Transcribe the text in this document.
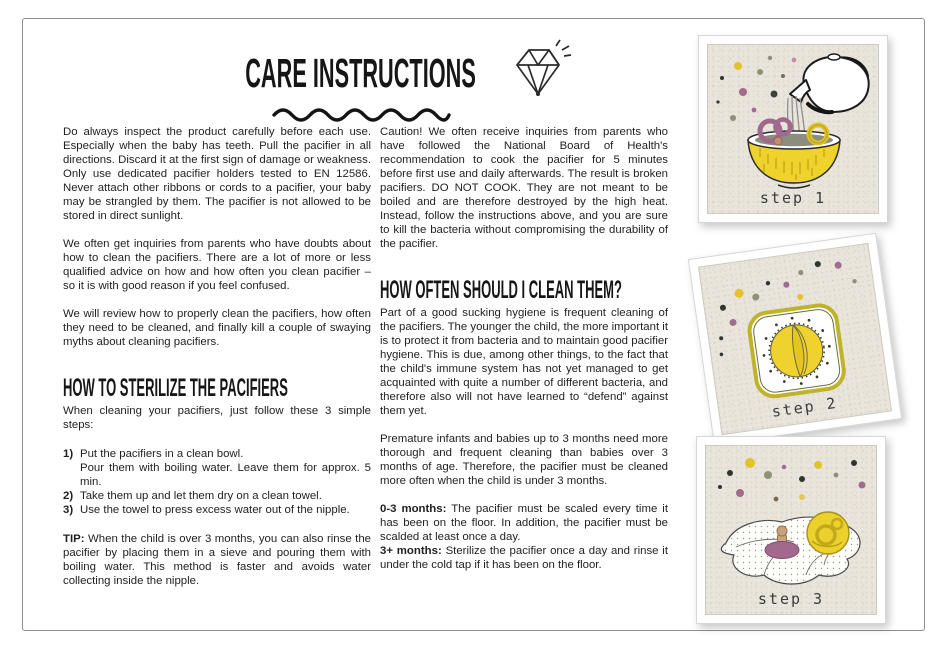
CARE INSTRUCTIONS

Do always inspect the product carefully before each use. Especially when the baby has teeth. Pull the pacifier in all directions. Discard it at the first sign of damage or weakness. Only use dedicated pacifier holders tested to EN 12586. Never attach other ribbons or cords to a pacifier, your baby may be strangled by them. The pacifier is not allowed to be stored in direct sunlight.

We often get inquiries from parents who have doubts about how to clean the pacifiers. There are a lot of more or less qualified advice on how and how often you clean pacifier – so it is with good reason if you feel confused.

We will review how to properly clean the pacifiers, how often they need to be cleaned, and finally kill a couple of swaying myths about cleaning pacifiers.

HOW TO STERILIZE THE PACIFIERS

When cleaning your pacifiers, just follow these 3 simple steps:

1) Put the pacifiers in a clean bowl.
Pour them with boiling water. Leave them for approx. 5 min.
2) Take them up and let them dry on a clean towel.
3) Use the towel to press excess water out of the nipple.

TIP: When the child is over 3 months, you can also rinse the pacifier by placing them in a sieve and pouring them with boiling water. This method is faster and avoids water collecting inside the nipple.

Caution! We often receive inquiries from parents who have followed the National Board of Health's recommendation to cook the pacifier for 5 minutes before first use and daily afterwards. The result is broken pacifiers. DO NOT COOK. They are not meant to be boiled and are therefore destroyed by the high heat. Instead, follow the instructions above, and you are sure to kill the bacteria without compromising the durability of the pacifier.

HOW OFTEN SHOULD I CLEAN THEM?

Part of a good sucking hygiene is frequent cleaning of the pacifiers. The younger the child, the more important it is to protect it from bacteria and to maintain good pacifier hygiene. This is due, among other things, to the fact that the child's immune system has not yet managed to get acquainted with quite a number of different bacteria, and therefore also will not have learned to “defend” against them yet.

Premature infants and babies up to 3 months need more thorough and frequent cleaning than babies over 3 months of age. Therefore, the pacifier must be cleaned more often when the child is under 3 months.

0-3 months: The pacifier must be scaled every time it has been on the floor. In addition, the pacifier must be scalded at least once a day.

3+ months: Sterilize the pacifier once a day and rinse it under the cold tap if it has been on the floor.

step 1
step 2
step 3
